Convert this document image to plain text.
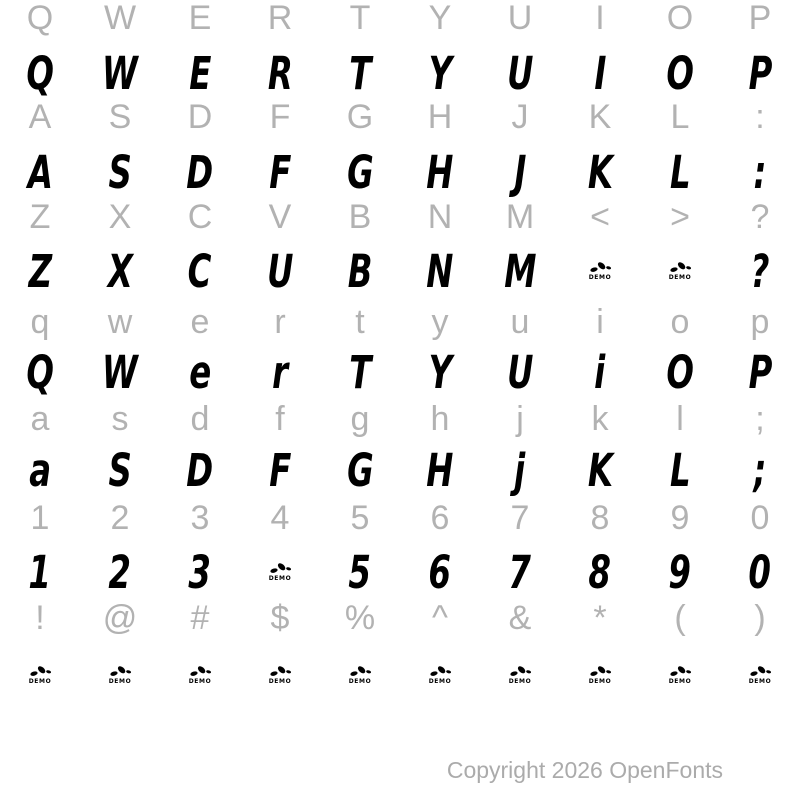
Q W E R T Y U I O P
Q W E R T Y U I O P
A S D F G H J K L :
A S D F G H J K L :
Z X C V B N M < > ?
Z X C U B N M	DEMO	DEMO ?
q w e r t y u i o p
Q W e r T Y U i O P
a s d f g h j k l ;
a S D F G H j K L ;
1 2 3 4 5 6 7 8 9 0
1 2 3	DEMO 5 6 7 8 9 0
! @ # $ % ^ & * ( )
DEMO	DEMO	DEMO	DEMO	DEMO	DEMO	DEMO	DEMO	DEMO	DEMO
Copyright 2026 OpenFonts
